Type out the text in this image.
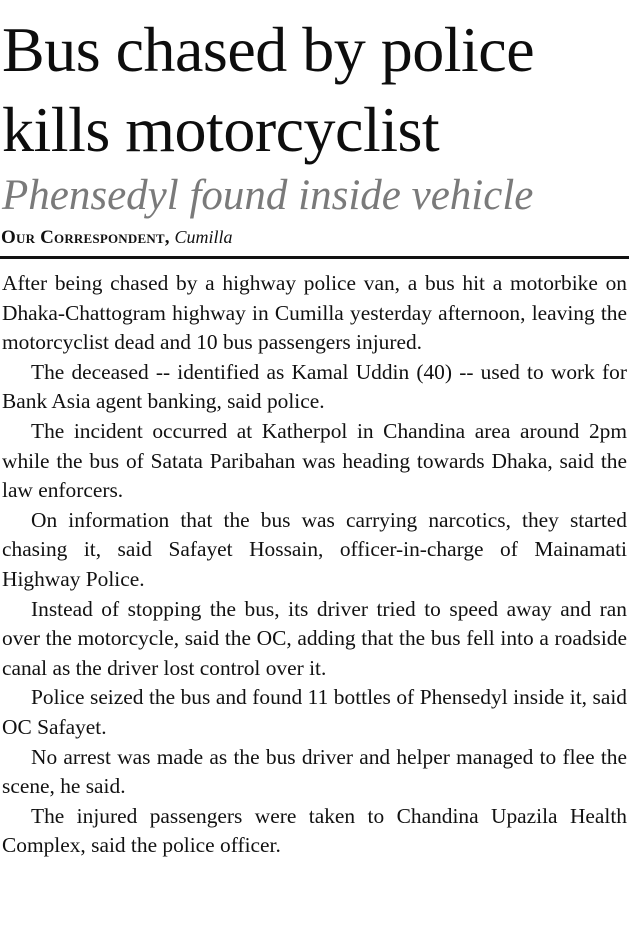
Bus chased by police
kills motorcyclist
Phensedyl found inside vehicle
Our Correspondent, Cumilla

After being chased by a highway police van, a bus hit a motorbike on Dhaka-Chattogram highway in Cumilla yesterday afternoon, leaving the motorcyclist dead and 10 bus passengers injured.

The deceased -- identified as Kamal Uddin (40) -- used to work for Bank Asia agent banking, said police.

The incident occurred at Katherpol in Chandina area around 2pm while the bus of Satata Paribahan was heading towards Dhaka, said the law enforcers.

On information that the bus was carrying narcotics, they started chasing it, said Safayet Hossain, officer-in-charge of Mainamati Highway Police.

Instead of stopping the bus, its driver tried to speed away and ran over the motorcycle, said the OC, adding that the bus fell into a roadside canal as the driver lost control over it.

Police seized the bus and found 11 bottles of Phensedyl inside it, said OC Safayet.

No arrest was made as the bus driver and helper managed to flee the scene, he said.

The injured passengers were taken to Chandina Upazila Health Complex, said the police officer.
